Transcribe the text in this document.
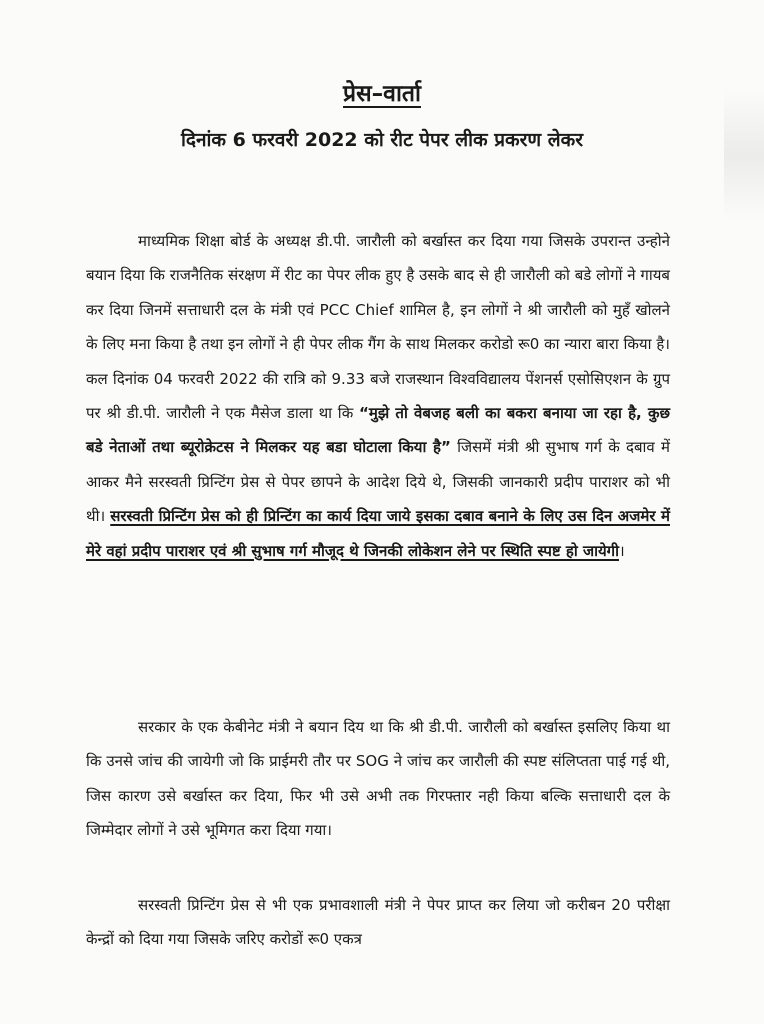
प्रेस–वार्ता
दिनांक 6 फरवरी 2022 को रीट पेपर लीक प्रकरण लेकर
माध्यमिक शिक्षा बोर्ड के अध्यक्ष डी.पी. जारौली को बर्खास्त कर दिया गया जिसके उपरान्त उन्होने बयान दिया कि राजनैतिक संरक्षण में रीट का पेपर लीक हुए है उसके बाद से ही जारौली को बडे लोगों ने गायब कर दिया जिनमें सत्ताधारी दल के मंत्री एवं PCC Chief शामिल है, इन लोगों ने श्री जारौली को मुहँ खोलने के लिए मना किया है तथा इन लोगों ने ही पेपर लीक गैंग के साथ मिलकर करोडो रू0 का न्यारा बारा किया है। कल दिनांक 04 फरवरी 2022 की रात्रि को 9.33 बजे राजस्थान विश्वविद्यालय पेंशनर्स एसोसिएशन के ग्रुप पर श्री डी.पी. जारौली ने एक मैसेज डाला था कि “मुझे तो वेबजह बली का बकरा बनाया जा रहा है, कुछ बडे नेताओं तथा ब्यूरोक्रेटस ने मिलकर यह बडा घोटाला किया है” जिसमें मंत्री श्री सुभाष गर्ग के दबाव में आकर मैने सरस्वती प्रिन्टिंग प्रेस से पेपर छापने के आदेश दिये थे, जिसकी जानकारी प्रदीप पाराशर को भी थी। सरस्वती प्रिन्टिंग प्रेस को ही प्रिन्टिंग का कार्य दिया जाये इसका दबाव बनाने के लिए उस दिन अजमेर में मेरे वहां प्रदीप पाराशर एवं श्री सुभाष गर्ग मौजूद थे जिनकी लोकेशन लेने पर स्थिति स्पष्ट हो जायेगी।
सरकार के एक केबीनेट मंत्री ने बयान दिय था कि श्री डी.पी. जारौली को बर्खास्त इसलिए किया था कि उनसे जांच की जायेगी जो कि प्राईमरी तौर पर SOG ने जांच कर जारौली की स्पष्ट संलिप्तता पाई गई थी, जिस कारण उसे बर्खास्त कर दिया, फिर भी उसे अभी तक गिरफ्तार नही किया बल्कि सत्ताधारी दल के जिम्मेदार लोगों ने उसे भूमिगत करा दिया गया।
सरस्वती प्रिन्टिंग प्रेस से भी एक प्रभावशाली मंत्री ने पेपर प्राप्त कर लिया जो करीबन 20 परीक्षा केन्द्रों को दिया गया जिसके जरिए करोडों रू0 एकत्र
